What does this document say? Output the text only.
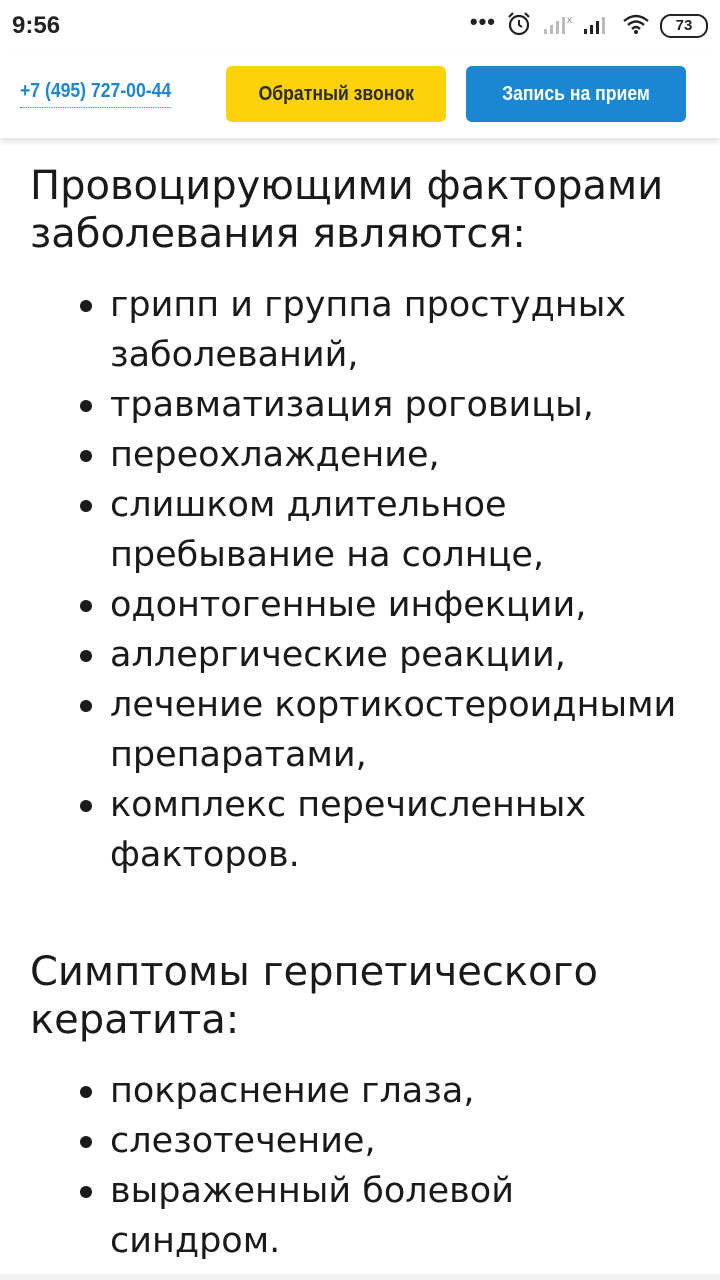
9:56	•••	x	73
+7 (495) 727-00-44	Обратный звонок	Запись на прием
Провоцирующими факторами заболевания являются:
грипп и группа простудных заболеваний,
травматизация роговицы,
переохлаждение,
слишком длительное пребывание на солнце,
одонтогенные инфекции,
аллергические реакции,
лечение кортикостероидными препаратами,
комплекс перечисленных факторов.
Симптомы герпетического кератита:
покраснение глаза,
слезотечение,
выраженный болевой синдром.
